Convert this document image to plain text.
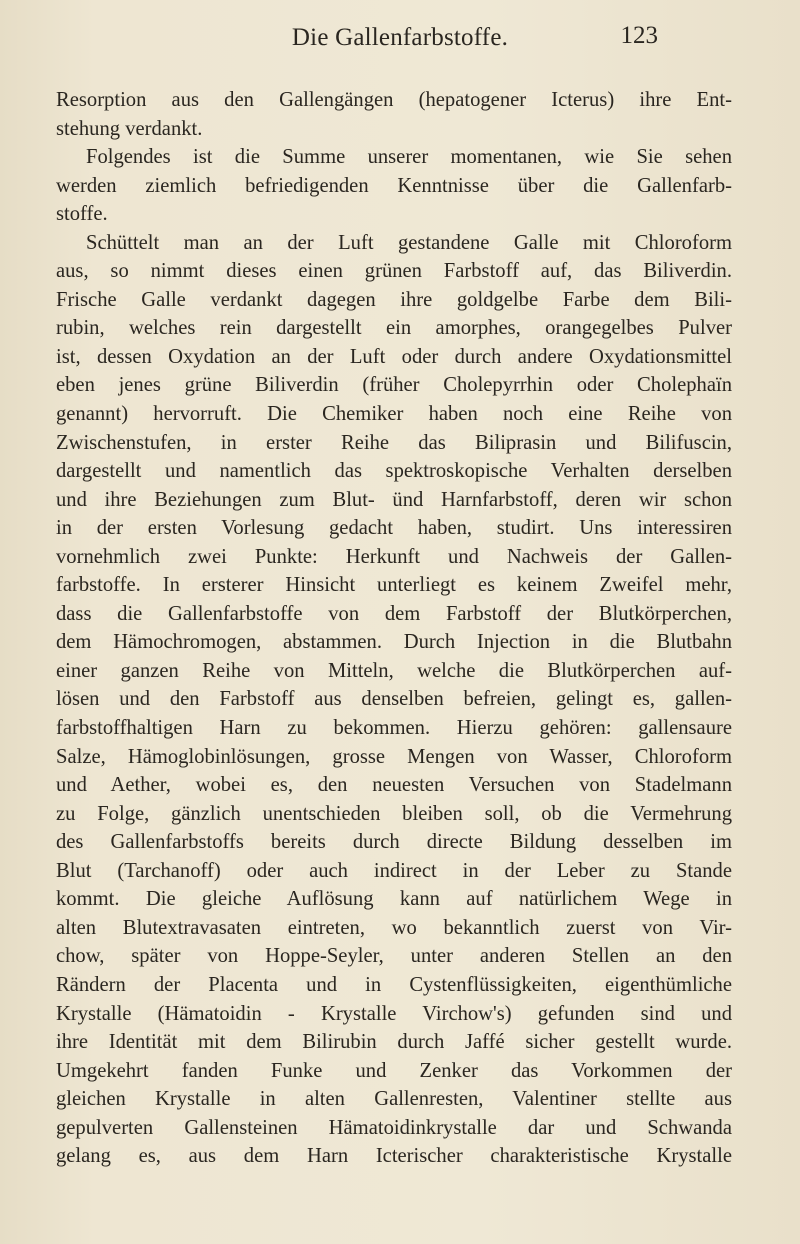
Die Gallenfarbstoffe.	123
Resorption aus den Gallengängen (hepatogener Icterus) ihre Ent-
stehung verdankt.
Folgendes ist die Summe unserer momentanen, wie Sie sehen
werden ziemlich befriedigenden Kenntnisse über die Gallenfarb-
stoffe.
Schüttelt man an der Luft gestandene Galle mit Chloroform
aus, so nimmt dieses einen grünen Farbstoff auf, das Biliverdin.
Frische Galle verdankt dagegen ihre goldgelbe Farbe dem Bili-
rubin, welches rein dargestellt ein amorphes, orangegelbes Pulver
ist, dessen Oxydation an der Luft oder durch andere Oxydationsmittel
eben jenes grüne Biliverdin (früher Cholepyrrhin oder Cholephaïn
genannt) hervorruft. Die Chemiker haben noch eine Reihe von
Zwischenstufen, in erster Reihe das Biliprasin und Bilifuscin,
dargestellt und namentlich das spektroskopische Verhalten derselben
und ihre Beziehungen zum Blut- ünd Harnfarbstoff, deren wir schon
in der ersten Vorlesung gedacht haben, studirt. Uns interessiren
vornehmlich zwei Punkte: Herkunft und Nachweis der Gallen-
farbstoffe. In ersterer Hinsicht unterliegt es keinem Zweifel mehr,
dass die Gallenfarbstoffe von dem Farbstoff der Blutkörperchen,
dem Hämochromogen, abstammen. Durch Injection in die Blutbahn
einer ganzen Reihe von Mitteln, welche die Blutkörperchen auf-
lösen und den Farbstoff aus denselben befreien, gelingt es, gallen-
farbstoffhaltigen Harn zu bekommen. Hierzu gehören: gallensaure
Salze, Hämoglobinlösungen, grosse Mengen von Wasser, Chloroform
und Aether, wobei es, den neuesten Versuchen von Stadelmann
zu Folge, gänzlich unentschieden bleiben soll, ob die Vermehrung
des Gallenfarbstoffs bereits durch directe Bildung desselben im
Blut (Tarchanoff) oder auch indirect in der Leber zu Stande
kommt. Die gleiche Auflösung kann auf natürlichem Wege in
alten Blutextravasaten eintreten, wo bekanntlich zuerst von Vir-
chow, später von Hoppe-Seyler, unter anderen Stellen an den
Rändern der Placenta und in Cystenflüssigkeiten, eigenthümliche
Krystalle (Hämatoidin - Krystalle Virchow's) gefunden sind und
ihre Identität mit dem Bilirubin durch Jaffé sicher gestellt wurde.
Umgekehrt fanden Funke und Zenker das Vorkommen der
gleichen Krystalle in alten Gallenresten, Valentiner stellte aus
gepulverten Gallensteinen Hämatoidinkrystalle dar und Schwanda
gelang es, aus dem Harn Icterischer charakteristische Krystalle
